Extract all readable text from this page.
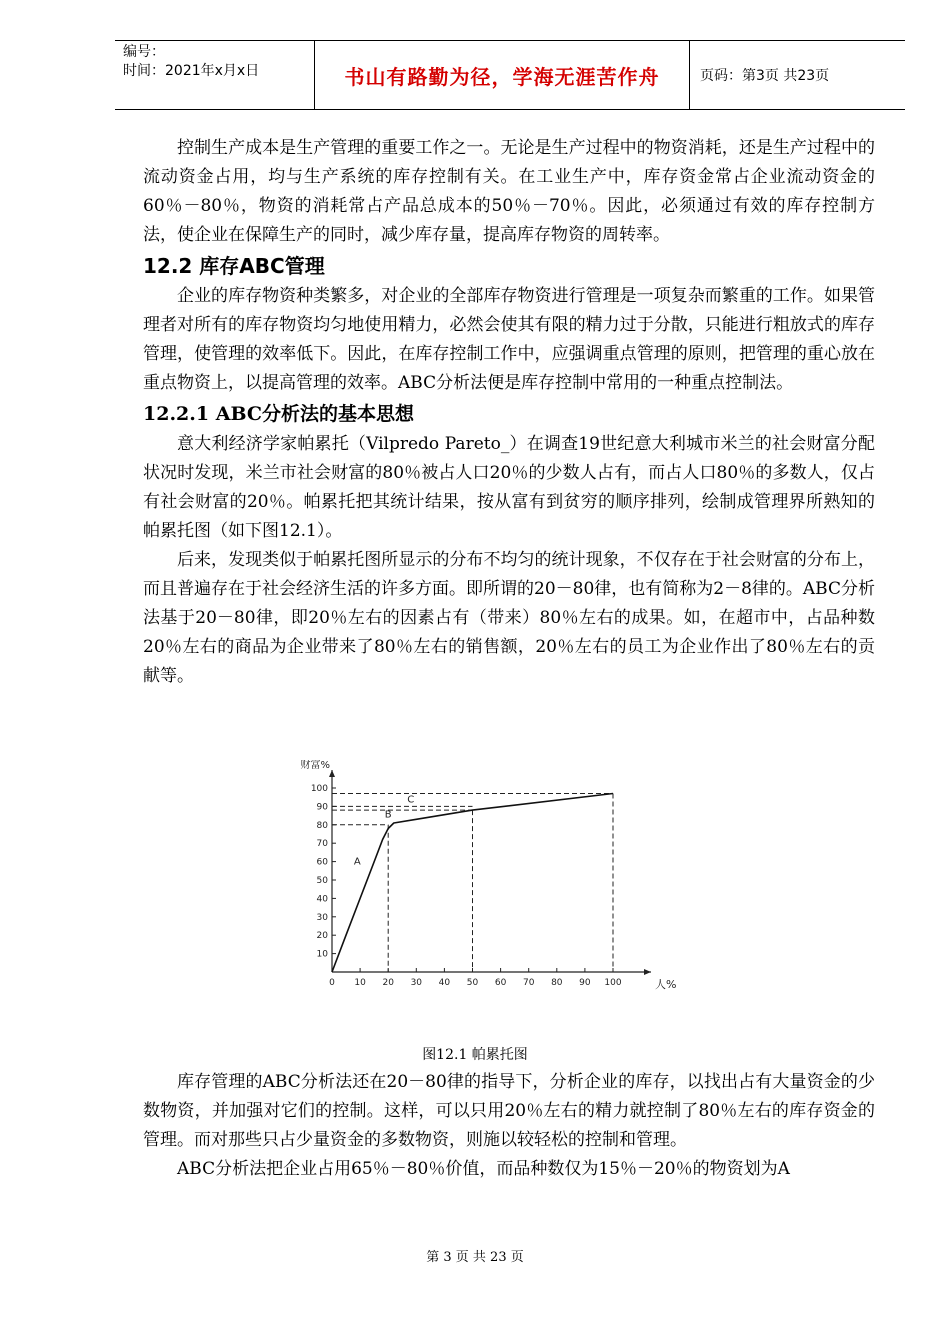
编号：
时间：2021年x月x日	书山有路勤为径，学海无涯苦作舟	页码：第3页 共23页

控制生产成本是生产管理的重要工作之一。无论是生产过程中的物资消耗，还是生产过程中的流动资金占用，均与生产系统的库存控制有关。在工业生产中，库存资金常占企业流动资金的60％－80％，物资的消耗常占产品总成本的50％－70％。因此，必须通过有效的库存控制方法，使企业在保障生产的同时，减少库存量，提高库存物资的周转率。

12.2 库存ABC管理

企业的库存物资种类繁多，对企业的全部库存物资进行管理是一项复杂而繁重的工作。如果管理者对所有的库存物资均匀地使用精力，必然会使其有限的精力过于分散，只能进行粗放式的库存管理，使管理的效率低下。因此，在库存控制工作中，应强调重点管理的原则，把管理的重心放在重点物资上，以提高管理的效率。ABC分析法便是库存控制中常用的一种重点控制法。

12.2.1 ABC分析法的基本思想

意大利经济学家帕累托（Vilpredo Pareto_）在调查19世纪意大利城市米兰的社会财富分配状况时发现，米兰市社会财富的80％被占人口20％的少数人占有，而占人口80％的多数人，仅占有社会财富的20％。帕累托把其统计结果，按从富有到贫穷的顺序排列，绘制成管理界所熟知的帕累托图（如下图12.1）。

后来，发现类似于帕累托图所显示的分布不均匀的统计现象，不仅存在于社会财富的分布上，而且普遍存在于社会经济生活的许多方面。即所谓的20－80律，也有简称为2－8律的。ABC分析法基于20－80律，即20％左右的因素占有（带来）80％左右的成果。如，在超市中，占品种数20％左右的商品为企业带来了80％左右的销售额，20％左右的员工为企业作出了80％左右的贡献等。

100
90
80
70
60
50
40
30
20
10
0 10 20 30 40 50 60 70 80 90 100
财富%
人%
A
B
C
图12.1 帕累托图

库存管理的ABC分析法还在20－80律的指导下，分析企业的库存，以找出占有大量资金的少数物资，并加强对它们的控制。这样，可以只用20％左右的精力就控制了80％左右的库存资金的管理。而对那些只占少量资金的多数物资，则施以较轻松的控制和管理。

ABC分析法把企业占用65％－80％价值，而品种数仅为15％－20％的物资划为A

第 3 页 共 23 页
